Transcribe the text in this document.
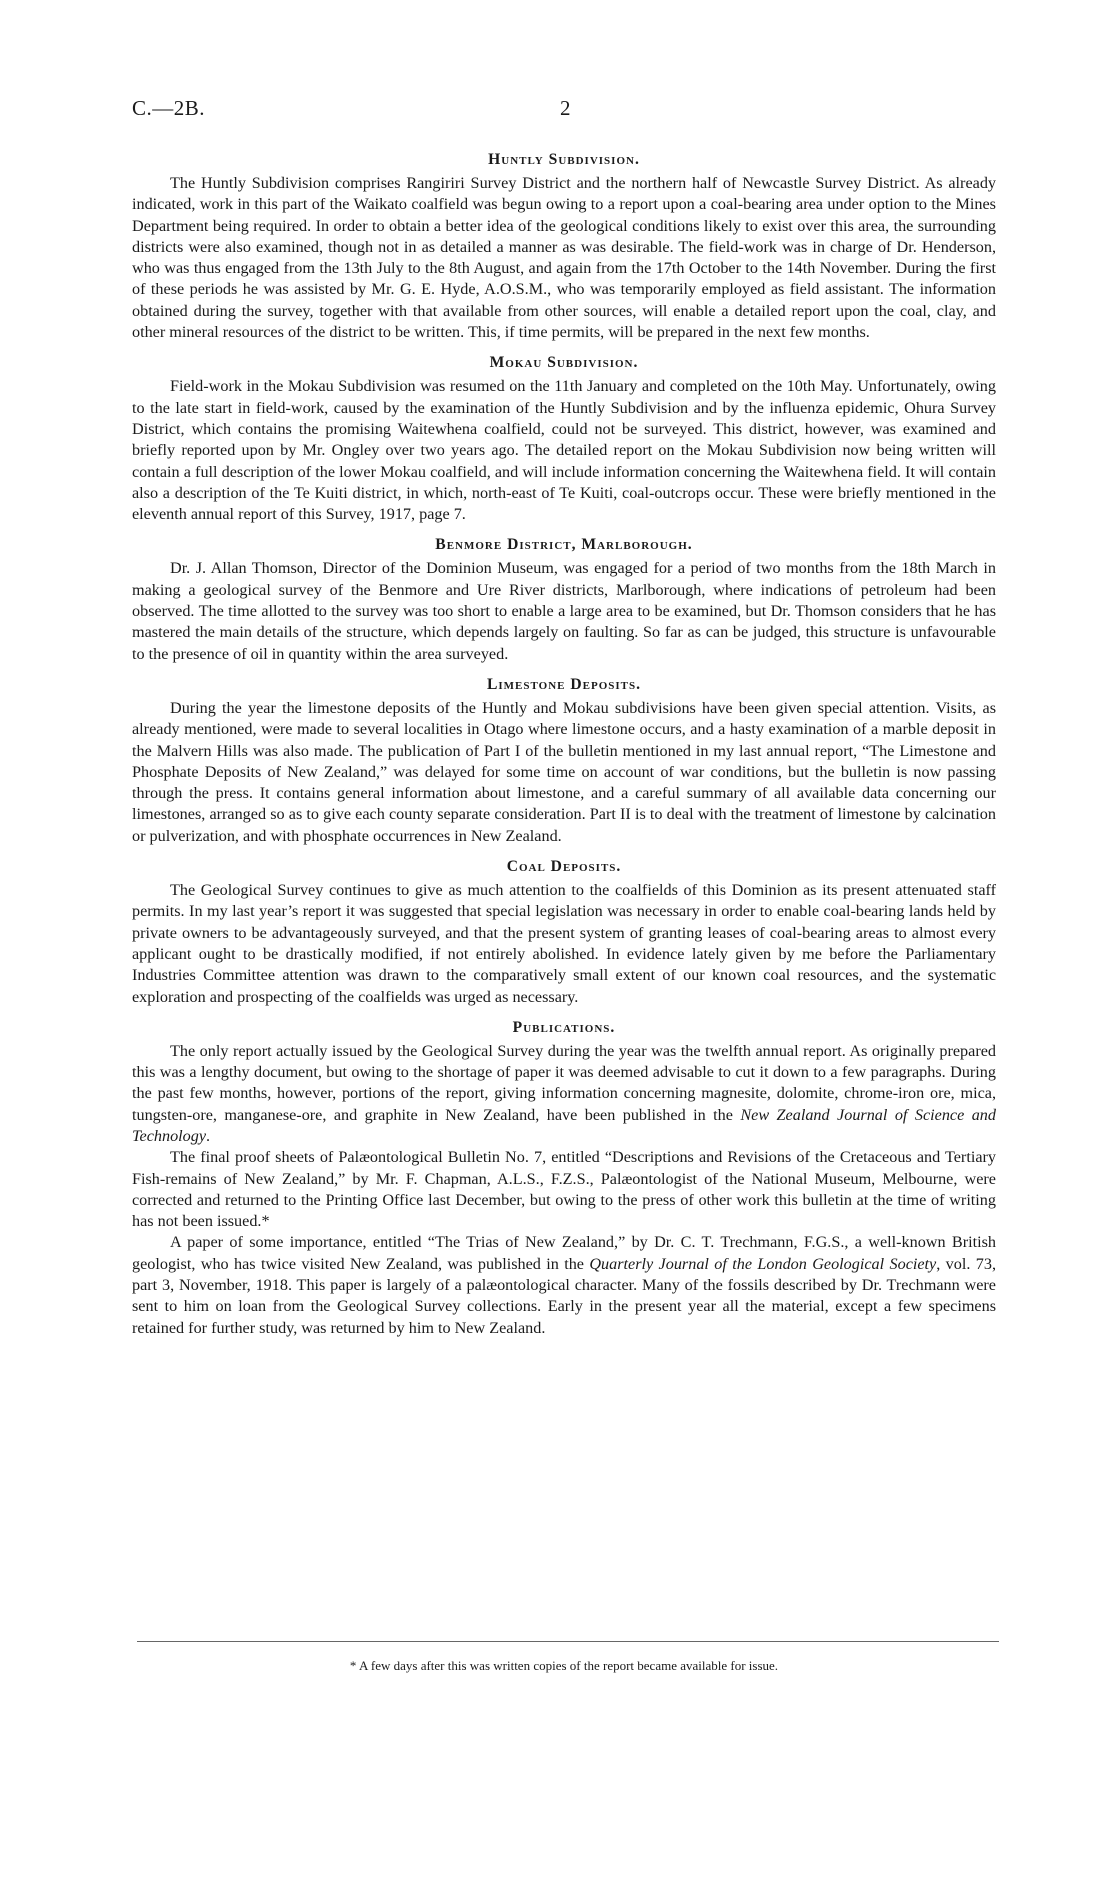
C.—2B.	2
Huntly Subdivision.

The Huntly Subdivision comprises Rangiriri Survey District and the northern half of Newcastle Survey District. As already indicated, work in this part of the Waikato coalfield was begun owing to a report upon a coal-bearing area under option to the Mines Department being required. In order to obtain a better idea of the geological conditions likely to exist over this area, the surrounding districts were also examined, though not in as detailed a manner as was desirable. The field-work was in charge of Dr. Henderson, who was thus engaged from the 13th July to the 8th August, and again from the 17th October to the 14th November. During the first of these periods he was assisted by Mr. G. E. Hyde, A.O.S.M., who was temporarily employed as field assistant. The information obtained during the survey, together with that available from other sources, will enable a detailed report upon the coal, clay, and other mineral resources of the district to be written. This, if time permits, will be prepared in the next few months.

Mokau Subdivision.

Field-work in the Mokau Subdivision was resumed on the 11th January and completed on the 10th May. Unfortunately, owing to the late start in field-work, caused by the examination of the Huntly Subdivision and by the influenza epidemic, Ohura Survey District, which contains the promising Waitewhena coalfield, could not be surveyed. This district, however, was examined and briefly reported upon by Mr. Ongley over two years ago. The detailed report on the Mokau Subdivision now being written will contain a full description of the lower Mokau coalfield, and will include information concerning the Waitewhena field. It will contain also a description of the Te Kuiti district, in which, north-east of Te Kuiti, coal-outcrops occur. These were briefly mentioned in the eleventh annual report of this Survey, 1917, page 7.

Benmore District, Marlborough.

Dr. J. Allan Thomson, Director of the Dominion Museum, was engaged for a period of two months from the 18th March in making a geological survey of the Benmore and Ure River districts, Marlborough, where indications of petroleum had been observed. The time allotted to the survey was too short to enable a large area to be examined, but Dr. Thomson considers that he has mastered the main details of the structure, which depends largely on faulting. So far as can be judged, this structure is unfavourable to the presence of oil in quantity within the area surveyed.

Limestone Deposits.

During the year the limestone deposits of the Huntly and Mokau subdivisions have been given special attention. Visits, as already mentioned, were made to several localities in Otago where limestone occurs, and a hasty examination of a marble deposit in the Malvern Hills was also made. The publication of Part I of the bulletin mentioned in my last annual report, “The Limestone and Phosphate Deposits of New Zealand,” was delayed for some time on account of war conditions, but the bulletin is now passing through the press. It contains general information about limestone, and a careful summary of all available data concerning our limestones, arranged so as to give each county separate consideration. Part II is to deal with the treatment of limestone by calcination or pulverization, and with phosphate occurrences in New Zealand.

Coal Deposits.

The Geological Survey continues to give as much attention to the coalfields of this Dominion as its present attenuated staff permits. In my last year’s report it was suggested that special legislation was necessary in order to enable coal-bearing lands held by private owners to be advantageously surveyed, and that the present system of granting leases of coal-bearing areas to almost every applicant ought to be drastically modified, if not entirely abolished. In evidence lately given by me before the Parliamentary Industries Committee attention was drawn to the comparatively small extent of our known coal resources, and the systematic exploration and prospecting of the coalfields was urged as necessary.

Publications.

The only report actually issued by the Geological Survey during the year was the twelfth annual report. As originally prepared this was a lengthy document, but owing to the shortage of paper it was deemed advisable to cut it down to a few paragraphs. During the past few months, however, portions of the report, giving information concerning magnesite, dolomite, chrome-iron ore, mica, tungsten-ore, manganese-ore, and graphite in New Zealand, have been published in the New Zealand Journal of Science and Technology.

The final proof sheets of Palæontological Bulletin No. 7, entitled “Descriptions and Revisions of the Cretaceous and Tertiary Fish-remains of New Zealand,” by Mr. F. Chapman, A.L.S., F.Z.S., Palæontologist of the National Museum, Melbourne, were corrected and returned to the Printing Office last December, but owing to the press of other work this bulletin at the time of writing has not been issued.*

A paper of some importance, entitled “The Trias of New Zealand,” by Dr. C. T. Trechmann, F.G.S., a well-known British geologist, who has twice visited New Zealand, was published in the Quarterly Journal of the London Geological Society, vol. 73, part 3, November, 1918. This paper is largely of a palæontological character. Many of the fossils described by Dr. Trechmann were sent to him on loan from the Geological Survey collections. Early in the present year all the material, except a few specimens retained for further study, was returned by him to New Zealand.

* A few days after this was written copies of the report became available for issue.
